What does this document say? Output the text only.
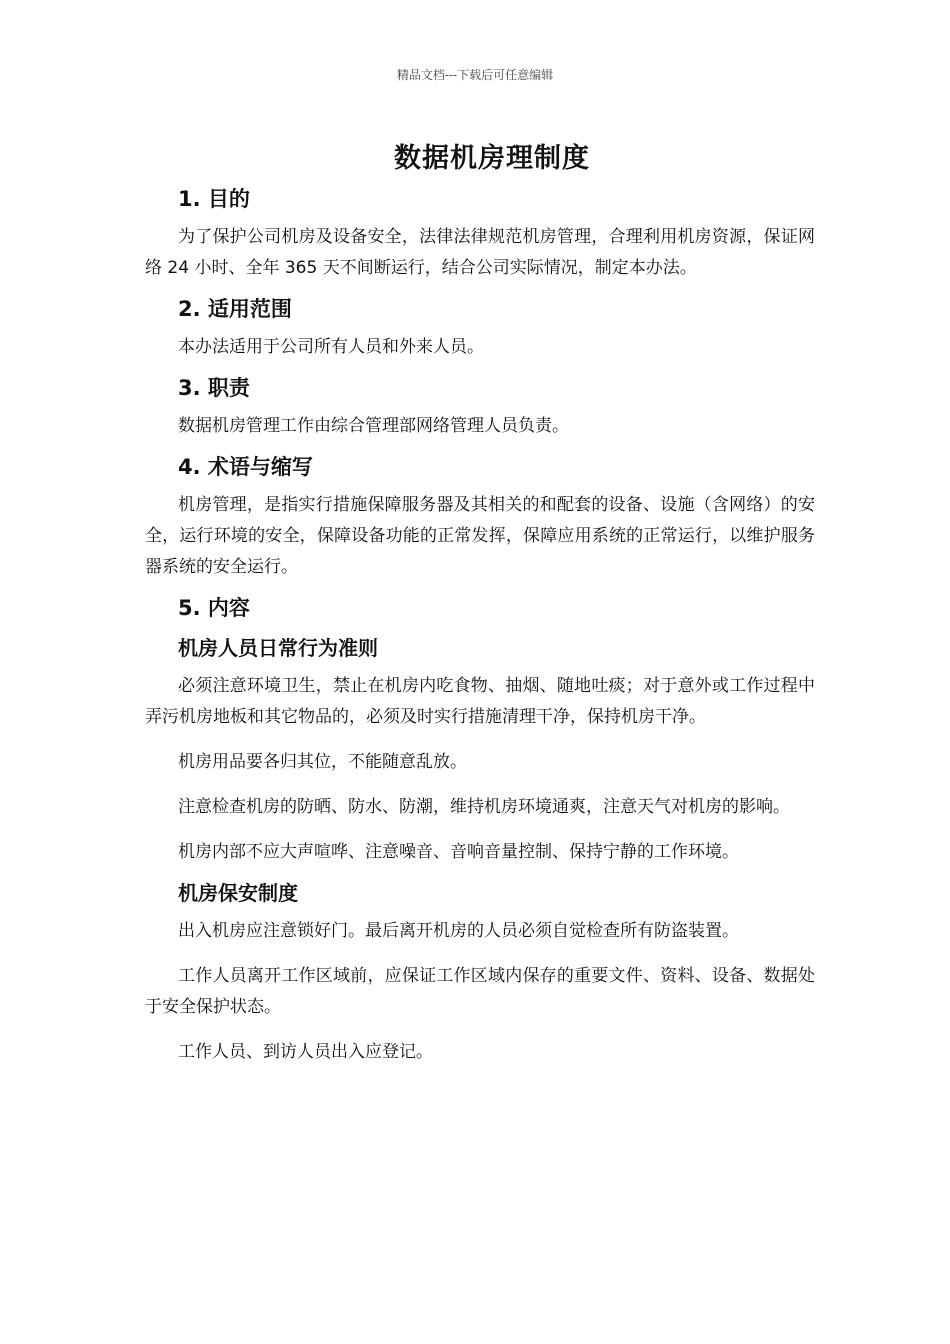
精品文档---下载后可任意编辑
数据机房理制度
1. 目的

为了保护公司机房及设备安全，法律法律规范机房管理，合理利用机房资源，保证网络 24 小时、全年 365 天不间断运行，结合公司实际情况，制定本办法。

2. 适用范围

本办法适用于公司所有人员和外来人员。

3. 职责

数据机房管理工作由综合管理部网络管理人员负责。

4. 术语与缩写

机房管理，是指实行措施保障服务器及其相关的和配套的设备、设施（含网络）的安全，运行环境的安全，保障设备功能的正常发挥，保障应用系统的正常运行，以维护服务器系统的安全运行。

5. 内容
机房人员日常行为准则

必须注意环境卫生，禁止在机房内吃食物、抽烟、随地吐痰；对于意外或工作过程中弄污机房地板和其它物品的，必须及时实行措施清理干净，保持机房干净。

机房用品要各归其位，不能随意乱放。

注意检查机房的防晒、防水、防潮，维持机房环境通爽，注意天气对机房的影响。

机房内部不应大声喧哗、注意噪音、音响音量控制、保持宁静的工作环境。

机房保安制度

出入机房应注意锁好门。最后离开机房的人员必须自觉检查所有防盗装置。

工作人员离开工作区域前，应保证工作区域内保存的重要文件、资料、设备、数据处于安全保护状态。

工作人员、到访人员出入应登记。
